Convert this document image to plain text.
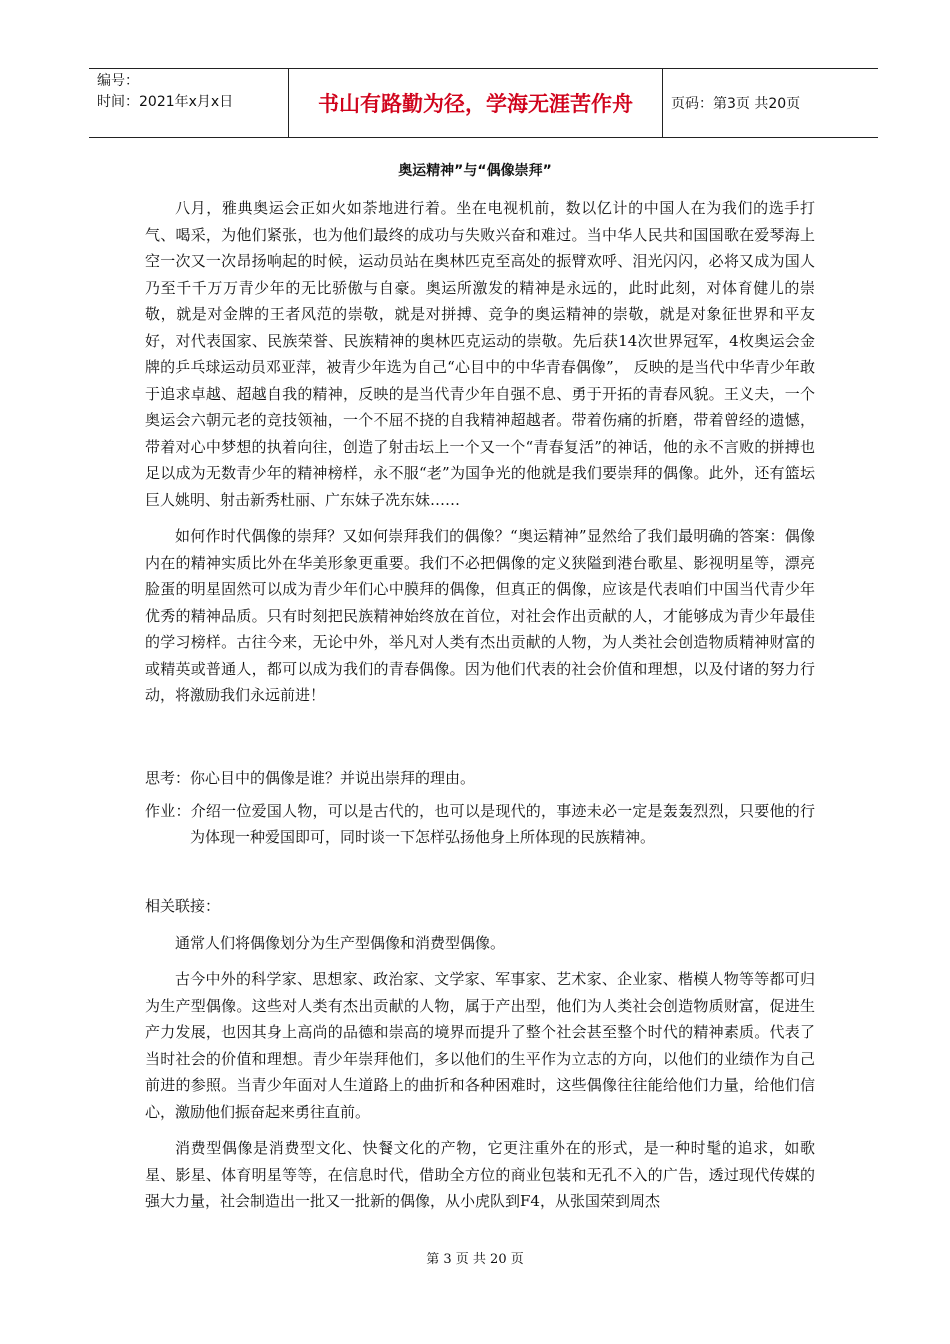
编号：
时间：2021年x月x日	书山有路勤为径，学海无涯苦作舟	页码：第3页 共20页
奥运精神”与“偶像崇拜”

八月，雅典奥运会正如火如荼地进行着。坐在电视机前，数以亿计的中国人在为我们的选手打气、喝采，为他们紧张，也为他们最终的成功与失败兴奋和难过。当中华人民共和国国歌在爱琴海上空一次又一次昂扬响起的时候，运动员站在奥林匹克至高处的振臂欢呼、泪光闪闪，必将又成为国人乃至千千万万青少年的无比骄傲与自豪。奥运所激发的精神是永远的，此时此刻，对体育健儿的崇敬，就是对金牌的王者风范的崇敬，就是对拼搏、竞争的奥运精神的崇敬，就是对象征世界和平友好，对代表国家、民族荣誉、民族精神的奥林匹克运动的崇敬。先后获14次世界冠军，4枚奥运会金牌的乒乓球运动员邓亚萍，被青少年选为自己“心目中的中华青春偶像”， 反映的是当代中华青少年敢于追求卓越、超越自我的精神，反映的是当代青少年自强不息、勇于开拓的青春风貌。王义夫，一个奥运会六朝元老的竞技领袖，一个不屈不挠的自我精神超越者。带着伤痛的折磨，带着曾经的遗憾，带着对心中梦想的执着向往，创造了射击坛上一个又一个“青春复活”的神话，他的永不言败的拼搏也足以成为无数青少年的精神榜样，永不服“老”为国争光的他就是我们要崇拜的偶像。此外，还有篮坛巨人姚明、射击新秀杜丽、广东妹子冼东妹……

如何作时代偶像的崇拜？又如何崇拜我们的偶像？“奥运精神”显然给了我们最明确的答案：偶像内在的精神实质比外在华美形象更重要。我们不必把偶像的定义狭隘到港台歌星、影视明星等，漂亮脸蛋的明星固然可以成为青少年们心中膜拜的偶像，但真正的偶像，应该是代表咱们中国当代青少年优秀的精神品质。只有时刻把民族精神始终放在首位，对社会作出贡献的人，才能够成为青少年最佳的学习榜样。古往今来，无论中外，举凡对人类有杰出贡献的人物，为人类社会创造物质精神财富的或精英或普通人，都可以成为我们的青春偶像。因为他们代表的社会价值和理想，以及付诸的努力行动，将激励我们永远前进！

思考：你心目中的偶像是谁？并说出崇拜的理由。

作业：介绍一位爱国人物，可以是古代的，也可以是现代的，事迹未必一定是轰轰烈烈，只要他的行为体现一种爱国即可，同时谈一下怎样弘扬他身上所体现的民族精神。

相关联接：

通常人们将偶像划分为生产型偶像和消费型偶像。

古今中外的科学家、思想家、政治家、文学家、军事家、艺术家、企业家、楷模人物等等都可归为生产型偶像。这些对人类有杰出贡献的人物，属于产出型，他们为人类社会创造物质财富，促进生产力发展，也因其身上高尚的品德和崇高的境界而提升了整个社会甚至整个时代的精神素质。代表了当时社会的价值和理想。青少年崇拜他们，多以他们的生平作为立志的方向，以他们的业绩作为自己前进的参照。当青少年面对人生道路上的曲折和各种困难时，这些偶像往往能给他们力量，给他们信心，激励他们振奋起来勇往直前。

消费型偶像是消费型文化、快餐文化的产物，它更注重外在的形式，是一种时髦的追求，如歌星、影星、体育明星等等，在信息时代，借助全方位的商业包装和无孔不入的广告，透过现代传媒的强大力量，社会制造出一批又一批新的偶像，从小虎队到F4，从张国荣到周杰

第 3 页 共 20 页
